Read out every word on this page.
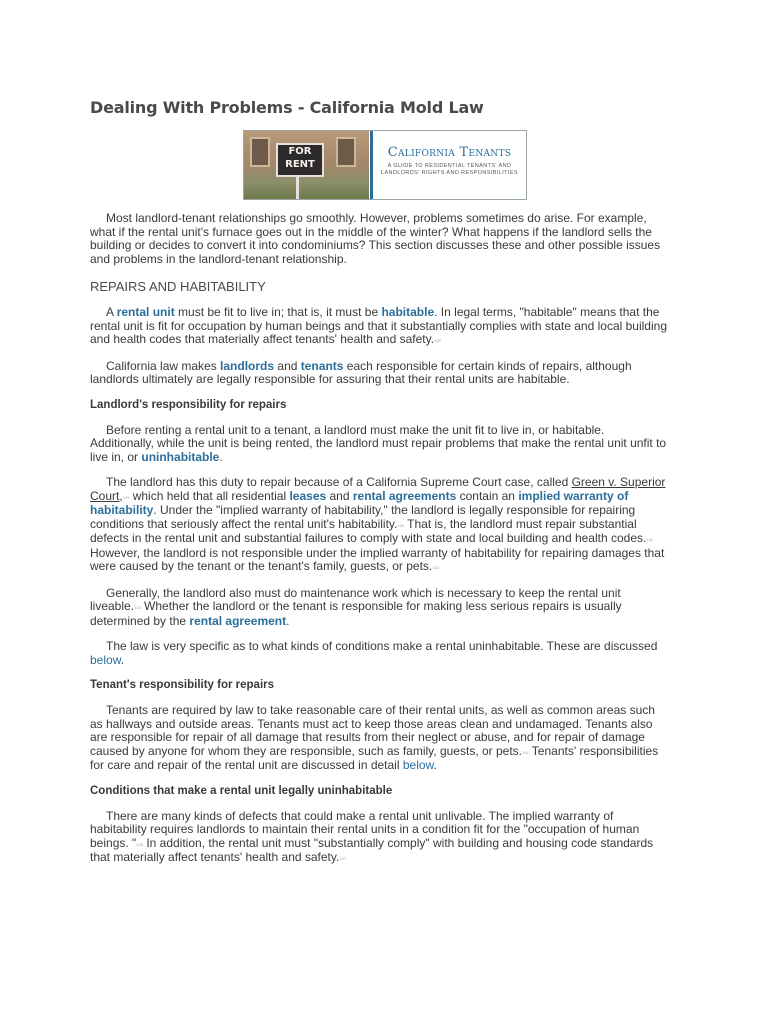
Dealing With Problems - California Mold Law
FOR
RENT
California Tenants
A GUIDE TO RESIDENTIAL TENANTS' AND
LANDLORDS' RIGHTS AND RESPONSIBILITIES

Most landlord-tenant relationships go smoothly. However, problems sometimes do arise. For example, what if the rental unit's furnace goes out in the middle of the winter? What happens if the landlord sells the building or decides to convert it into condominiums? This section discusses these and other possible issues and problems in the landlord-tenant relationship.

REPAIRS AND HABITABILITY

A rental unit must be fit to live in; that is, it must be habitable. In legal terms, "habitable" means that the rental unit is fit for occupation by human beings and that it substantially complies with state and local building and health codes that materially affect tenants' health and safety.$^{128}$

California law makes landlords and tenants each responsible for certain kinds of repairs, although landlords ultimately are legally responsible for assuring that their rental units are habitable.

Landlord's responsibility for repairs

Before renting a rental unit to a tenant, a landlord must make the unit fit to live in, or habitable. Additionally, while the unit is being rented, the landlord must repair problems that make the rental unit unfit to live in, or uninhabitable.

The landlord has this duty to repair because of a California Supreme Court case, called Green v. Superior Court,$^{129}$ which held that all residential leases and rental agreements contain an implied warranty of habitability. Under the "implied warranty of habitability," the landlord is legally responsible for repairing conditions that seriously affect the rental unit's habitability.$^{130}$ That is, the landlord must repair substantial defects in the rental unit and substantial failures to comply with state and local building and health codes.$^{131}$ However, the landlord is not responsible under the implied warranty of habitability for repairing damages that were caused by the tenant or the tenant's family, guests, or pets.$^{132}$

Generally, the landlord also must do maintenance work which is necessary to keep the rental unit liveable.$^{133}$ Whether the landlord or the tenant is responsible for making less serious repairs is usually determined by the rental agreement.

The law is very specific as to what kinds of conditions make a rental uninhabitable. These are discussed below.

Tenant's responsibility for repairs

Tenants are required by law to take reasonable care of their rental units, as well as common areas such as hallways and outside areas. Tenants must act to keep those areas clean and undamaged. Tenants also are responsible for repair of all damage that results from their neglect or abuse, and for repair of damage caused by anyone for whom they are responsible, such as family, guests, or pets.$^{134}$ Tenants' responsibilities for care and repair of the rental unit are discussed in detail below.

Conditions that make a rental unit legally uninhabitable

There are many kinds of defects that could make a rental unit unlivable. The implied warranty of habitability requires landlords to maintain their rental units in a condition fit for the "occupation of human beings. "$^{135}$ In addition, the rental unit must "substantially comply" with building and housing code standards that materially affect tenants' health and safety.$^{137}$
